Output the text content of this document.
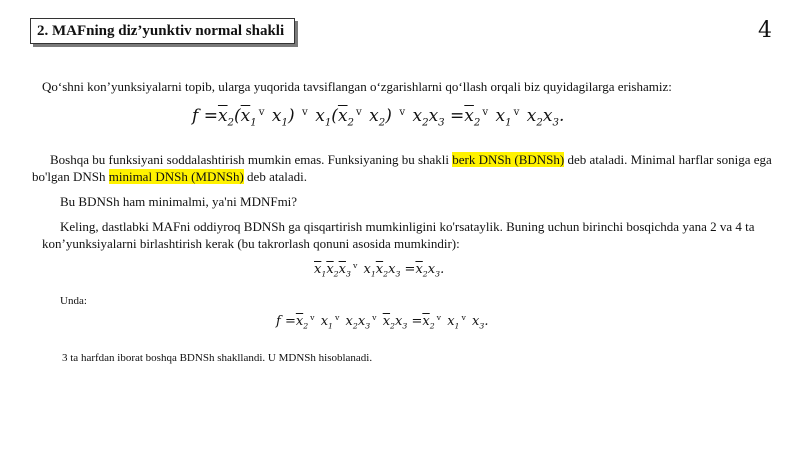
2. MAFning diz’yunktiv normal shakli	4
Qo‘shni kon’yunksiyalarni topib, ularga yuqorida tavsiflangan o‘zgarishlarni qo‘llash orqali biz quyidagilarga erishamiz:
$f =\overline{x}_2(\overline{x}_1^v$ $x_1$) $^v$ $x_1(\overline{x}_2^v$ $x_2$) $^v$ $x_2x_3 =\overline{x}_2^v$ $x_1^v$ $x_2x_3$.
Boshqa bu funksiyani soddalashtirish mumkin emas. Funksiyaning bu shakli berk DNSh (BDNSh) deb ataladi. Minimal harflar soniga ega bo'lgan DNSh minimal DNSh (MDNSh) deb ataladi.
Bu BDNSh ham minimalmi, ya'ni MDNFmi?
Keling, dastlabki MAFni oddiyroq BDNSh ga qisqartirish mumkinligini ko'rsataylik. Buning uchun birinchi bosqichda yana 2 va 4 ta kon’yunksiyalarni birlashtirish kerak (bu takrorlash qonuni asosida mumkindir):
$\overline{x}_1\overline{x}_2\overline{x}_3^v$ $x_1\overline{x}_2x_3 =\overline{x}_2x_3$.
Unda:
$f =\overline{x}_2^v$ $x_1^v$ $x_2x_3^v$ $\overline{x}_2x_3 =\overline{x}_2^v$ $x_1^v$ $x_3$.
3 ta harfdan iborat boshqa BDNSh shakllandi. U MDNSh hisoblanadi.
